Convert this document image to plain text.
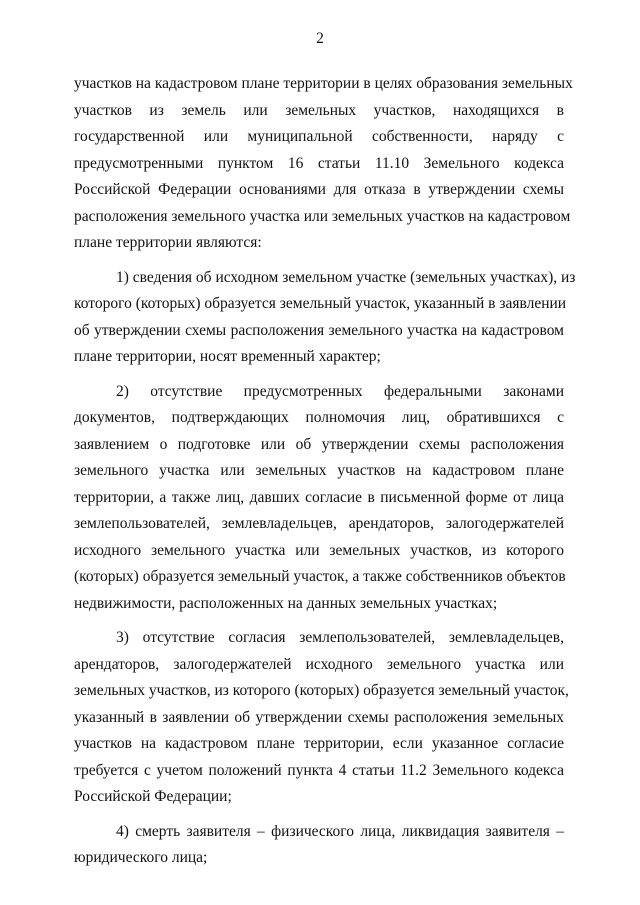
2
участков на кадастровом плане территории в целях образования земельных
участков из земель или земельных участков, находящихся в
государственной или муниципальной собственности, наряду с
предусмотренными пунктом 16 статьи 11.10 Земельного кодекса
Российской Федерации основаниями для отказа в утверждении схемы
расположения земельного участка или земельных участков на кадастровом
плане территории являются:
1) сведения об исходном земельном участке (земельных участках), из
которого (которых) образуется земельный участок, указанный в заявлении
об утверждении схемы расположения земельного участка на кадастровом
плане территории, носят временный характер;
2) отсутствие предусмотренных федеральными законами
документов, подтверждающих полномочия лиц, обратившихся с
заявлением о подготовке или об утверждении схемы расположения
земельного участка или земельных участков на кадастровом плане
территории, а также лиц, давших согласие в письменной форме от лица
землепользователей, землевладельцев, арендаторов, залогодержателей
исходного земельного участка или земельных участков, из которого
(которых) образуется земельный участок, а также собственников объектов
недвижимости, расположенных на данных земельных участках;
3) отсутствие согласия землепользователей, землевладельцев,
арендаторов, залогодержателей исходного земельного участка или
земельных участков, из которого (которых) образуется земельный участок,
указанный в заявлении об утверждении схемы расположения земельных
участков на кадастровом плане территории, если указанное согласие
требуется с учетом положений пункта 4 статьи 11.2 Земельного кодекса
Российской Федерации;
4) смерть заявителя – физического лица, ликвидация заявителя –
юридического лица;
